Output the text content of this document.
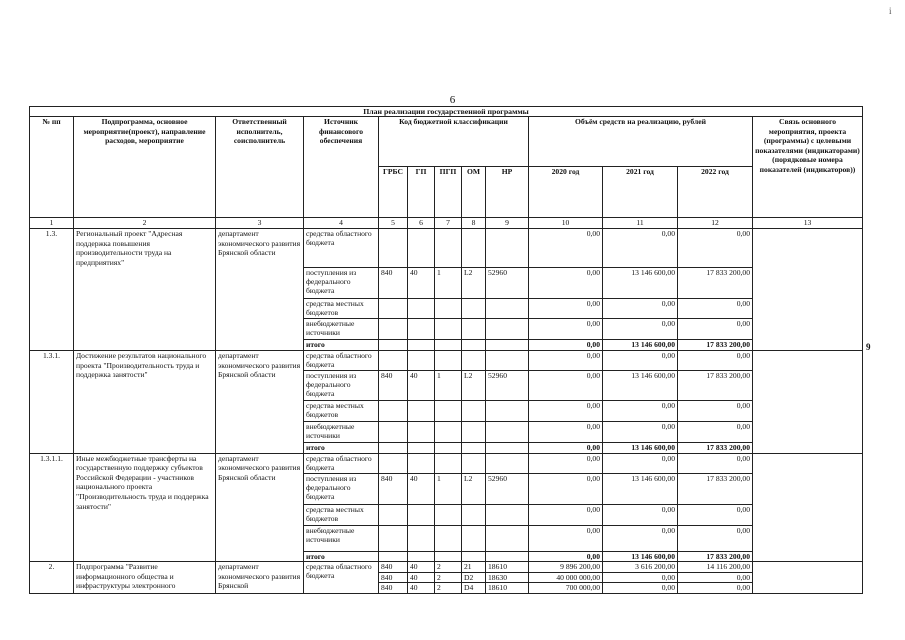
i
6
9
План реализации государственной программы												
№ пп	Подпрограмма, основное мероприятие(проект), направление расходов, мероприятие	Ответственный исполнитель, соисполнитель	Источник финансового обеспечения	Код бюджетной классификации					Объём средств на реализацию, рублей			Связь основного мероприятия, проекта (программы) с целевыми показателями (индикаторами) (порядковые номера показателей (индикаторов))
				ГРБС	ГП	ПГП	ОМ	НР	2020 год	2021 год	2022 год	
1	2	3	4	5	6	7	8	9	10	11	12	13
1.3.	Региональный проект "Адресная поддержка повышения производительности труда на предприятиях"	департамент экономического развития Брянской области	средства областного бюджета						0,00	0,00	0,00	
			поступления из федерального бюджета	840	40	1	L2	52960	0,00	13 146 600,00	17 833 200,00	
			средства местных бюджетов						0,00	0,00	0,00	
			внебюджетные источники						0,00	0,00	0,00	
			итого						0,00	13 146 600,00	17 833 200,00	
1.3.1.	Достижение результатов национального проекта "Производительность труда и поддержка занятости"	департамент экономического развития Брянской области	средства областного бюджета						0,00	0,00	0,00	
			поступления из федерального бюджета	840	40	1	L2	52960	0,00	13 146 600,00	17 833 200,00	
			средства местных бюджетов						0,00	0,00	0,00	
			внебюджетные источники						0,00	0,00	0,00	
			итого						0,00	13 146 600,00	17 833 200,00	
1.3.1.1.	Иные межбюджетные трансферты на государственную поддержку субъектов Российской Федерации - участников национального проекта "Производительность труда и поддержка занятости"	департамент экономического развития Брянской области	средства областного бюджета						0,00	0,00	0,00	
			поступления из федерального бюджета	840	40	1	L2	52960	0,00	13 146 600,00	17 833 200,00	
			средства местных бюджетов						0,00	0,00	0,00	
			внебюджетные источники						0,00	0,00	0,00	
			итого						0,00	13 146 600,00	17 833 200,00	
2.	Подпрограмма "Развитие информационного общества и инфраструктуры электронного	департамент экономического развития Брянской	средства областного бюджета	840	40	2	21	18610	9 896 200,00	3 616 200,00	14 116 200,00	
				840	40	2	D2	18630	40 000 000,00	0,00	0,00	
				840	40	2	D4	18610	700 000,00	0,00	0,00	
